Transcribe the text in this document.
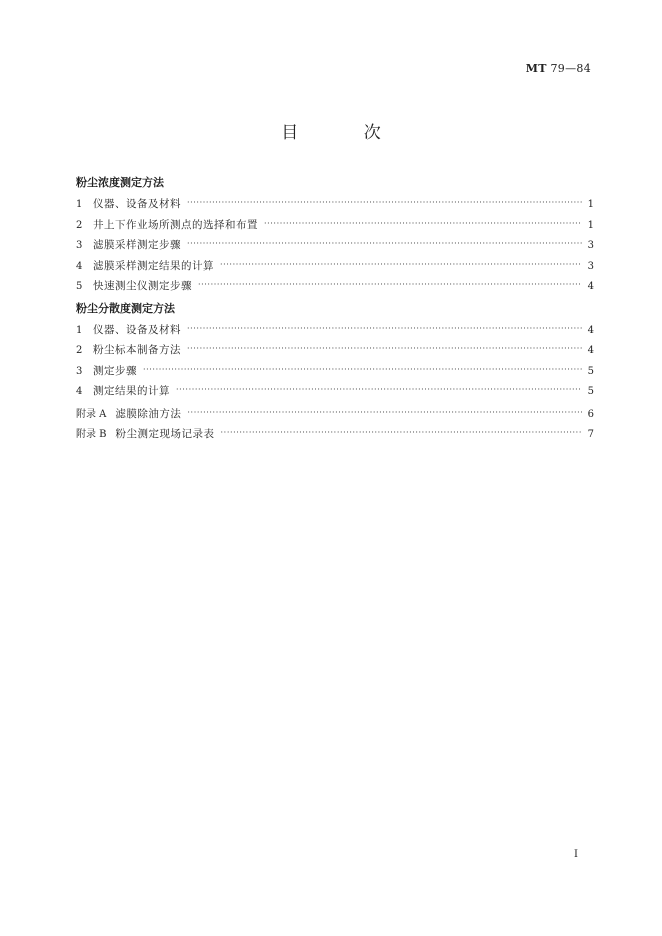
MT 79—84
目 次
粉尘浓度测定方法
1	仪器、设备及材料 ·····	1
2	井上下作业场所测点的选择和布置 ·····	1
3	滤膜采样测定步骤 ·····	3
4	滤膜采样测定结果的计算 ·····	3
5	快速测尘仪测定步骤 ·····	4
粉尘分散度测定方法
1	仪器、设备及材料 ·····	4
2	粉尘标本制备方法 ·····	4
3	测定步骤 ·····	5
4	测定结果的计算 ·····	5
附录 A 滤膜除油方法 ·····	6
附录 B 粉尘测定现场记录表 ·····	7
I
